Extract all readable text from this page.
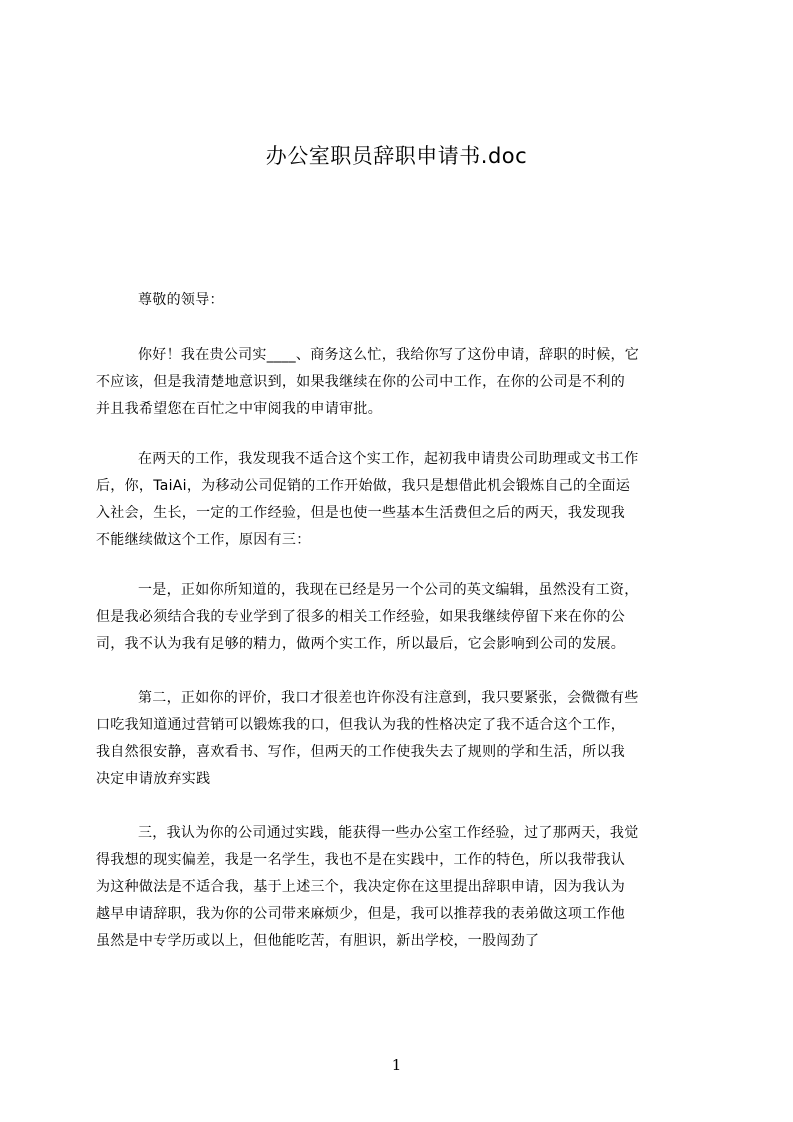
办公室职员辞职申请书.doc
尊敬的领导：
你好！我在贵公司实____、商务这么忙，我给你写了这份申请，辞职的时候，它
不应该，但是我清楚地意识到，如果我继续在你的公司中工作，在你的公司是不利的
并且我希望您在百忙之中审阅我的申请审批。
在两天的工作，我发现我不适合这个实工作，起初我申请贵公司助理或文书工作
后，你，TaiAi，为移动公司促销的工作开始做，我只是想借此机会锻炼自己的全面运
入社会，生长，一定的工作经验，但是也使一些基本生活费但之后的两天，我发现我
不能继续做这个工作，原因有三：
一是，正如你所知道的，我现在已经是另一个公司的英文编辑，虽然没有工资，
但是我必须结合我的专业学到了很多的相关工作经验，如果我继续停留下来在你的公
司，我不认为我有足够的精力，做两个实工作，所以最后，它会影响到公司的发展。
第二，正如你的评价，我口才很差也许你没有注意到，我只要紧张，会微微有些
口吃我知道通过营销可以锻炼我的口，但我认为我的性格决定了我不适合这个工作，
我自然很安静，喜欢看书、写作，但两天的工作使我失去了规则的学和生活，所以我
决定申请放弃实践
三，我认为你的公司通过实践，能获得一些办公室工作经验，过了那两天，我觉
得我想的现实偏差，我是一名学生，我也不是在实践中，工作的特色，所以我带我认
为这种做法是不适合我，基于上述三个，我决定你在这里提出辞职申请，因为我认为
越早申请辞职，我为你的公司带来麻烦少，但是，我可以推荐我的表弟做这项工作他
虽然是中专学历或以上，但他能吃苦，有胆识，新出学校，一股闯劲了
1
